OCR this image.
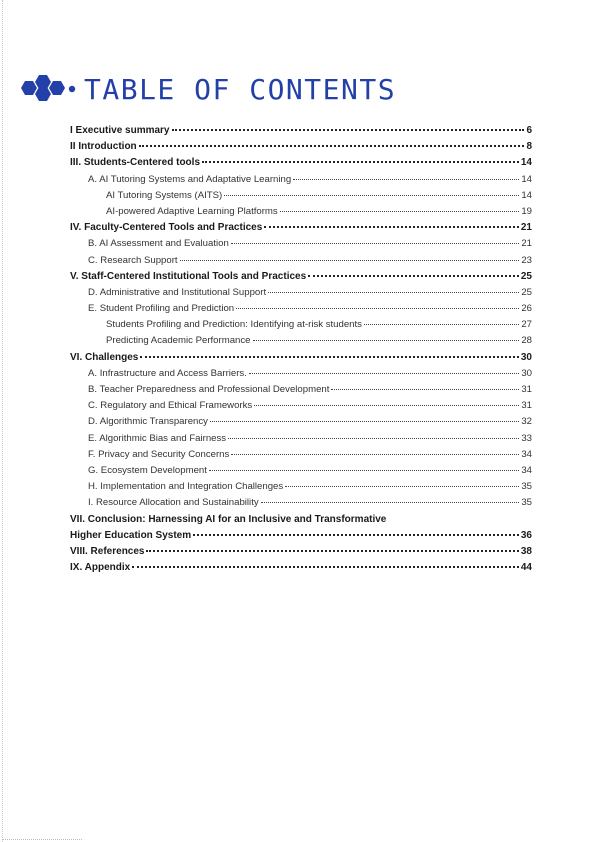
TABLE OF CONTENTS
I Executive summary	6
II Introduction	8
III. Students-Centered tools	14
A. AI Tutoring Systems and Adaptative Learning	14
AI Tutoring Systems (AITS)	14
AI-powered Adaptive Learning Platforms	19
IV. Faculty-Centered Tools and Practices	21
B. AI Assessment and Evaluation	21
C. Research Support	23
V. Staff-Centered Institutional Tools and Practices	25
D. Administrative and Institutional Support	25
E. Student Profiling and Prediction	26
Students Profiling and Prediction: Identifying at-risk students	27
Predicting Academic Performance	28
VI. Challenges	30
A. Infrastructure and Access Barriers.	30
B. Teacher Preparedness and Professional Development	31
C. Regulatory and Ethical Frameworks	31
D. Algorithmic Transparency	32
E. Algorithmic Bias and Fairness	33
F. Privacy and Security Concerns	34
G. Ecosystem Development	34
H. Implementation and Integration Challenges	35
I. Resource Allocation and Sustainability	35
VII. Conclusion: Harnessing AI for an Inclusive and Transformative
Higher Education System	36
VIII. References	38
IX. Appendix	44
